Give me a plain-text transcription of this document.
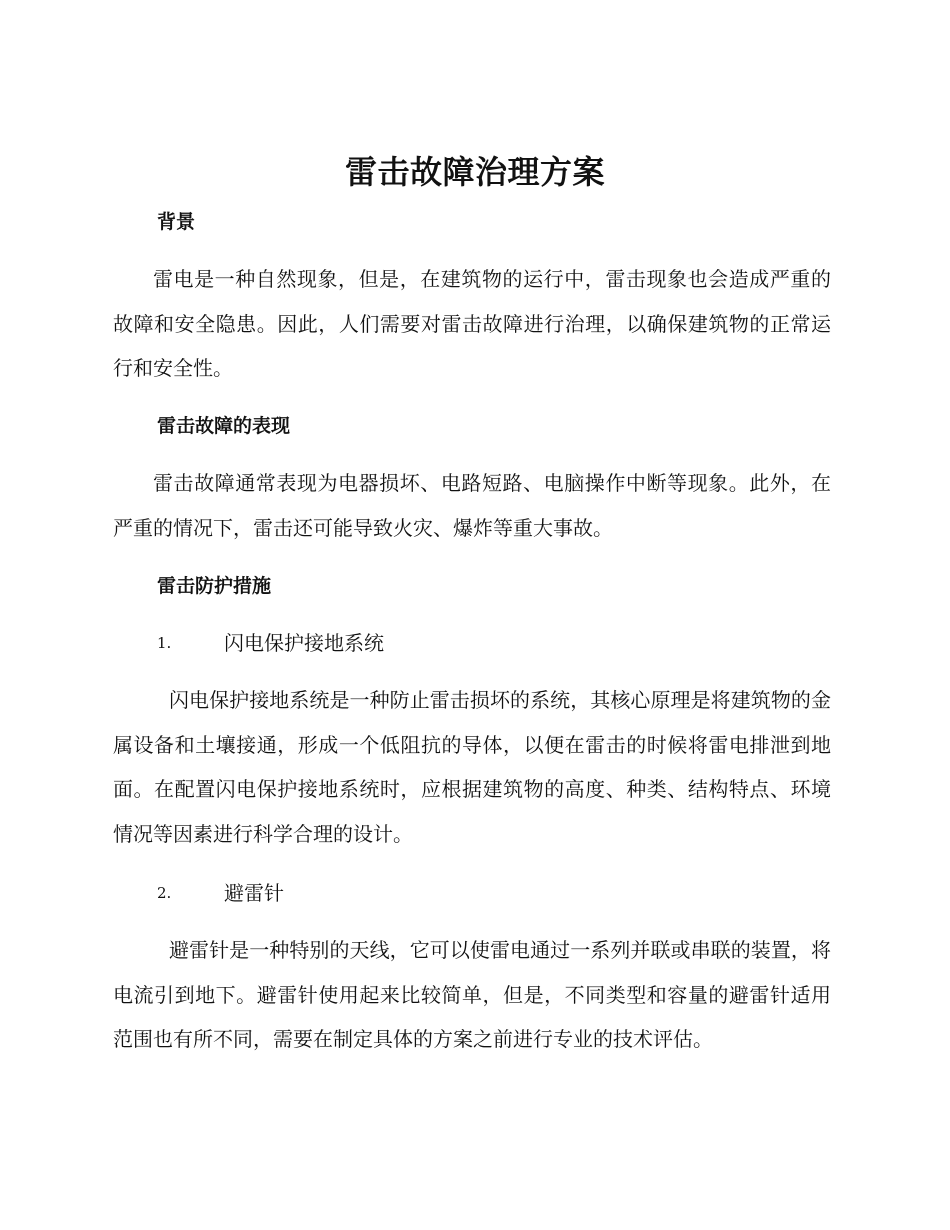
雷击故障治理方案
背景

雷电是一种自然现象，但是，在建筑物的运行中，雷击现象也会造成严重的故障和安全隐患。因此，人们需要对雷击故障进行治理，以确保建筑物的正常运行和安全性。

雷击故障的表现

雷击故障通常表现为电器损坏、电路短路、电脑操作中断等现象。此外，在严重的情况下，雷击还可能导致火灾、爆炸等重大事故。

雷击防护措施
1.	闪电保护接地系统

闪电保护接地系统是一种防止雷击损坏的系统，其核心原理是将建筑物的金属设备和土壤接通，形成一个低阻抗的导体，以便在雷击的时候将雷电排泄到地面。在配置闪电保护接地系统时，应根据建筑物的高度、种类、结构特点、环境情况等因素进行科学合理的设计。

2.	避雷针

避雷针是一种特别的天线，它可以使雷电通过一系列并联或串联的装置，将电流引到地下。避雷针使用起来比较简单，但是，不同类型和容量的避雷针适用范围也有所不同，需要在制定具体的方案之前进行专业的技术评估。
